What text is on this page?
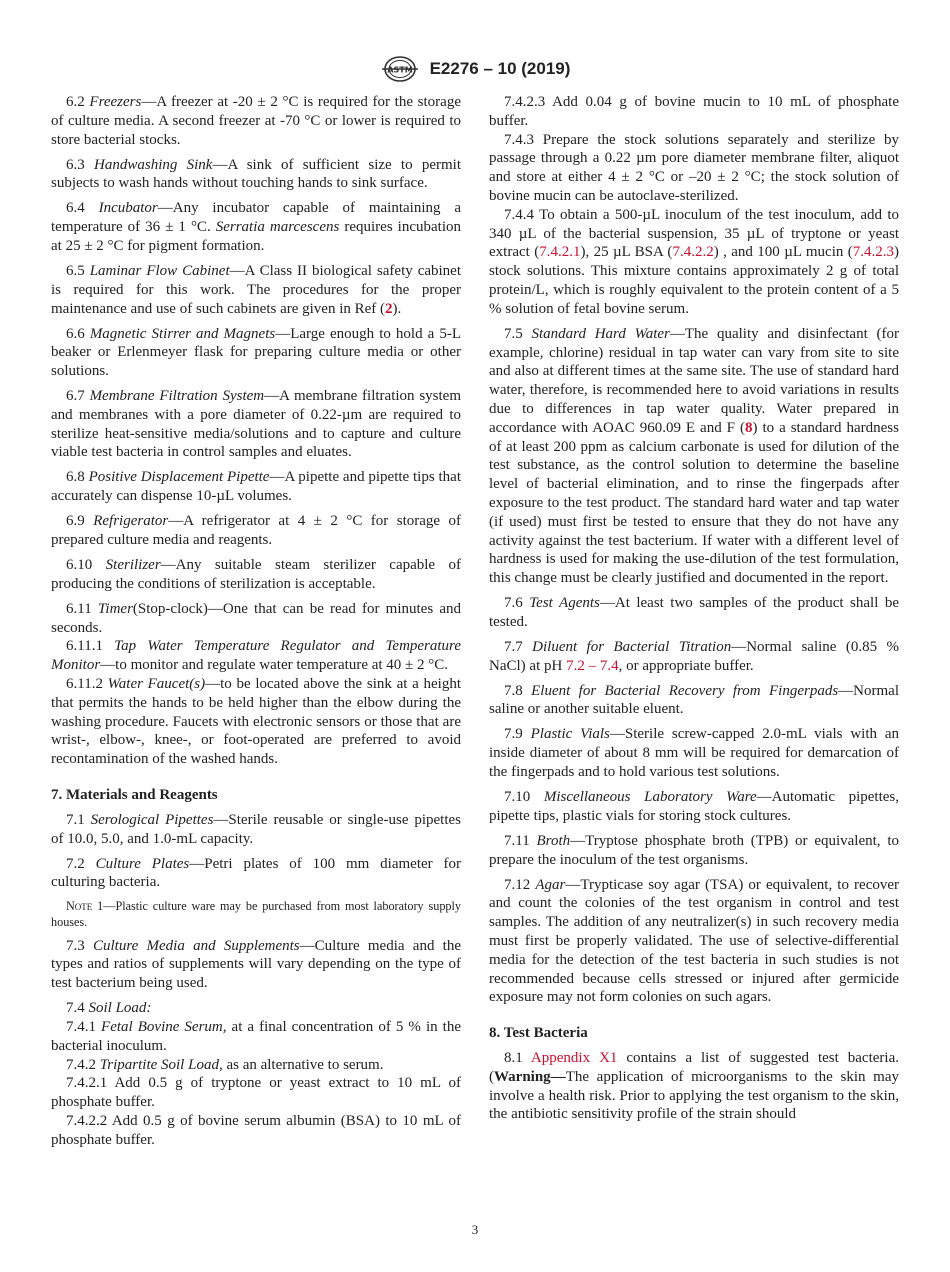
ASTM E2276 – 10 (2019)

6.2 Freezers—A freezer at -20 ± 2 °C is required for the storage of culture media. A second freezer at -70 °C or lower is required to store bacterial stocks.

6.3 Handwashing Sink—A sink of sufficient size to permit subjects to wash hands without touching hands to sink surface.

6.4 Incubator—Any incubator capable of maintaining a temperature of 36 ± 1 °C. Serratia marcescens requires incubation at 25 ± 2 °C for pigment formation.

6.5 Laminar Flow Cabinet—A Class II biological safety cabinet is required for this work. The procedures for the proper maintenance and use of such cabinets are given in Ref (2).

6.6 Magnetic Stirrer and Magnets—Large enough to hold a 5-L beaker or Erlenmeyer flask for preparing culture media or other solutions.

6.7 Membrane Filtration System—A membrane filtration system and membranes with a pore diameter of 0.22-µm are required to sterilize heat-sensitive media/solutions and to capture and culture viable test bacteria in control samples and eluates.

6.8 Positive Displacement Pipette—A pipette and pipette tips that accurately can dispense 10-µL volumes.

6.9 Refrigerator—A refrigerator at 4 ± 2 °C for storage of prepared culture media and reagents.

6.10 Sterilizer—Any suitable steam sterilizer capable of producing the conditions of sterilization is acceptable.

6.11 Timer(Stop-clock)—One that can be read for minutes and seconds.

6.11.1 Tap Water Temperature Regulator and Temperature Monitor—to monitor and regulate water temperature at 40 ± 2 °C.

6.11.2 Water Faucet(s)—to be located above the sink at a height that permits the hands to be held higher than the elbow during the washing procedure. Faucets with electronic sensors or those that are wrist-, elbow-, knee-, or foot-operated are preferred to avoid recontamination of the washed hands.

7. Materials and Reagents

7.1 Serological Pipettes—Sterile reusable or single-use pipettes of 10.0, 5.0, and 1.0-mL capacity.

7.2 Culture Plates—Petri plates of 100 mm diameter for culturing bacteria.

Note 1—Plastic culture ware may be purchased from most laboratory supply houses.

7.3 Culture Media and Supplements—Culture media and the types and ratios of supplements will vary depending on the type of test bacterium being used.

7.4 Soil Load:

7.4.1 Fetal Bovine Serum, at a final concentration of 5 % in the bacterial inoculum.

7.4.2 Tripartite Soil Load, as an alternative to serum.

7.4.2.1 Add 0.5 g of tryptone or yeast extract to 10 mL of phosphate buffer.

7.4.2.2 Add 0.5 g of bovine serum albumin (BSA) to 10 mL of phosphate buffer.

7.4.2.3 Add 0.04 g of bovine mucin to 10 mL of phosphate buffer.

7.4.3 Prepare the stock solutions separately and sterilize by passage through a 0.22 µm pore diameter membrane filter, aliquot and store at either 4 ± 2 °C or –20 ± 2 °C; the stock solution of bovine mucin can be autoclave-sterilized.

7.4.4 To obtain a 500-µL inoculum of the test inoculum, add to 340 µL of the bacterial suspension, 35 µL of tryptone or yeast extract (7.4.2.1), 25 µL BSA (7.4.2.2) , and 100 µL mucin (7.4.2.3) stock solutions. This mixture contains approximately 2 g of total protein/L, which is roughly equivalent to the protein content of a 5 % solution of fetal bovine serum.

7.5 Standard Hard Water—The quality and disinfectant (for example, chlorine) residual in tap water can vary from site to site and also at different times at the same site. The use of standard hard water, therefore, is recommended here to avoid variations in results due to differences in tap water quality. Water prepared in accordance with AOAC 960.09 E and F (8) to a standard hardness of at least 200 ppm as calcium carbonate is used for dilution of the test substance, as the control solution to determine the baseline level of bacterial elimination, and to rinse the fingerpads after exposure to the test product. The standard hard water and tap water (if used) must first be tested to ensure that they do not have any activity against the test bacterium. If water with a different level of hardness is used for making the use-dilution of the test formulation, this change must be clearly justified and documented in the report.

7.6 Test Agents—At least two samples of the product shall be tested.

7.7 Diluent for Bacterial Titration—Normal saline (0.85 % NaCl) at pH 7.2 – 7.4, or appropriate buffer.

7.8 Eluent for Bacterial Recovery from Fingerpads—Normal saline or another suitable eluent.

7.9 Plastic Vials—Sterile screw-capped 2.0-mL vials with an inside diameter of about 8 mm will be required for demarcation of the fingerpads and to hold various test solutions.

7.10 Miscellaneous Laboratory Ware—Automatic pipettes, pipette tips, plastic vials for storing stock cultures.

7.11 Broth—Tryptose phosphate broth (TPB) or equivalent, to prepare the inoculum of the test organisms.

7.12 Agar—Trypticase soy agar (TSA) or equivalent, to recover and count the colonies of the test organism in control and test samples. The addition of any neutralizer(s) in such recovery media must first be properly validated. The use of selective-differential media for the detection of the test bacteria in such studies is not recommended because cells stressed or injured after germicide exposure may not form colonies on such agars.

8. Test Bacteria

8.1 Appendix X1 contains a list of suggested test bacteria. (Warning—The application of microorganisms to the skin may involve a health risk. Prior to applying the test organism to the skin, the antibiotic sensitivity profile of the strain should

3
